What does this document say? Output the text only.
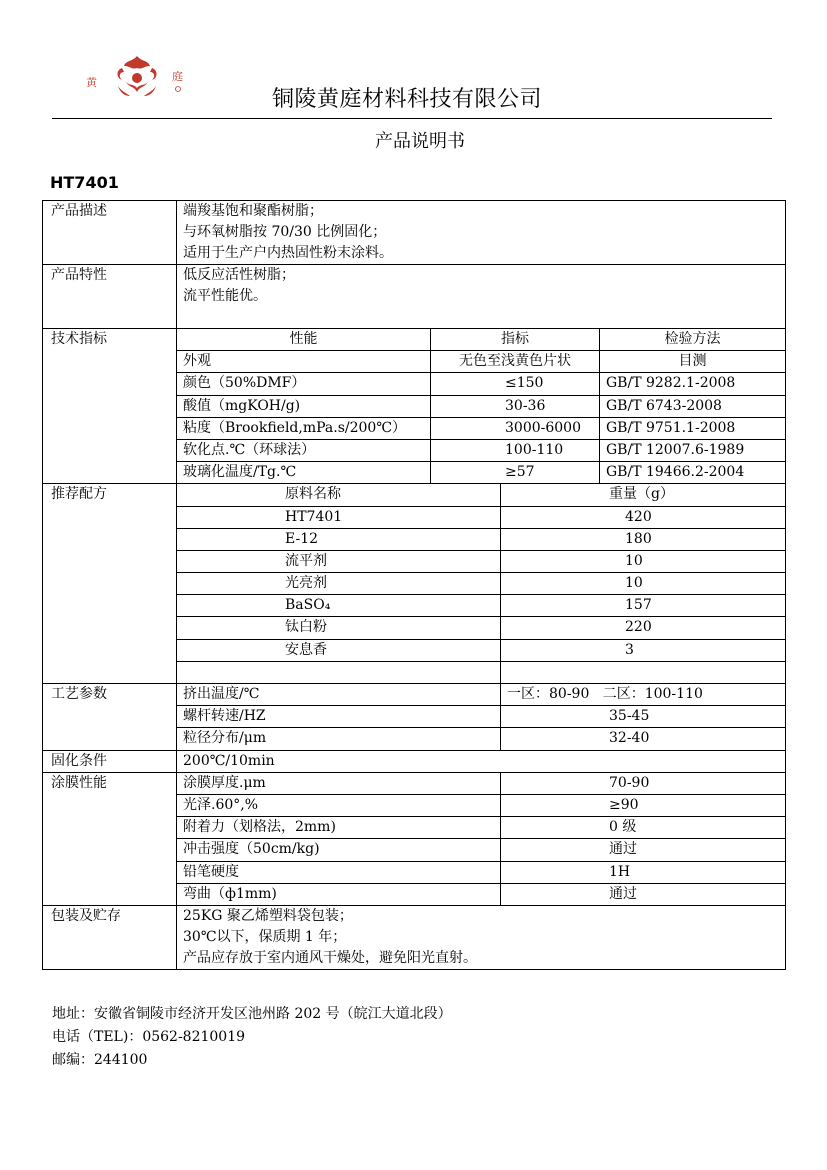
黄	庭
铜陵黄庭材料科技有限公司
产品说明书
HT7401
产品描述	端羧基饱和聚酯树脂；
与环氧树脂按 70/30 比例固化；
适用于生产户内热固性粉末涂料。			

产品特性	低反应活性树脂；
流平性能优。			

技术指标	性能	指标		检验方法
	外观	无色至浅黄色片状		目测
	颜色（50%DMF）	≤150		GB/T 9282.1-2008
	酸值（mgKOH/g)	30-36		GB/T 6743-2008
	粘度（Brookfield,mPa.s/200℃）	3000-6000		GB/T 9751.1-2008
	软化点.℃（环球法）	100-110		GB/T 12007.6-1989
	玻璃化温度/Tg.℃	≥57		GB/T 19466.2-2004
推荐配方	原料名称		重量（g）	
	HT7401		420	
	E-12		180	
	流平剂		10	
	光亮剂		10	
	BaSO₄		157	
	钛白粉		220	
	安息香		3	

工艺参数	挤出温度/℃		一区：80-90   二区：100-110	
	螺杆转速/HZ		35-45	
	粒径分布/μm		32-40	
固化条件	200℃/10min			
涂膜性能	涂膜厚度.μm		70-90	
	光泽.60°,%		≥90	
	附着力（划格法，2mm)		0 级	
	冲击强度（50cm/kg)		通过	
	铅笔硬度		1H	
	弯曲（ф1mm)		通过	
包装及贮存	25KG 聚乙烯塑料袋包装；
30℃以下，保质期 1 年；
产品应存放于室内通风干燥处，避免阳光直射。			
地址：安徽省铜陵市经济开发区池州路 202 号（皖江大道北段）
电话（TEL)：0562-8210019
邮编：244100
